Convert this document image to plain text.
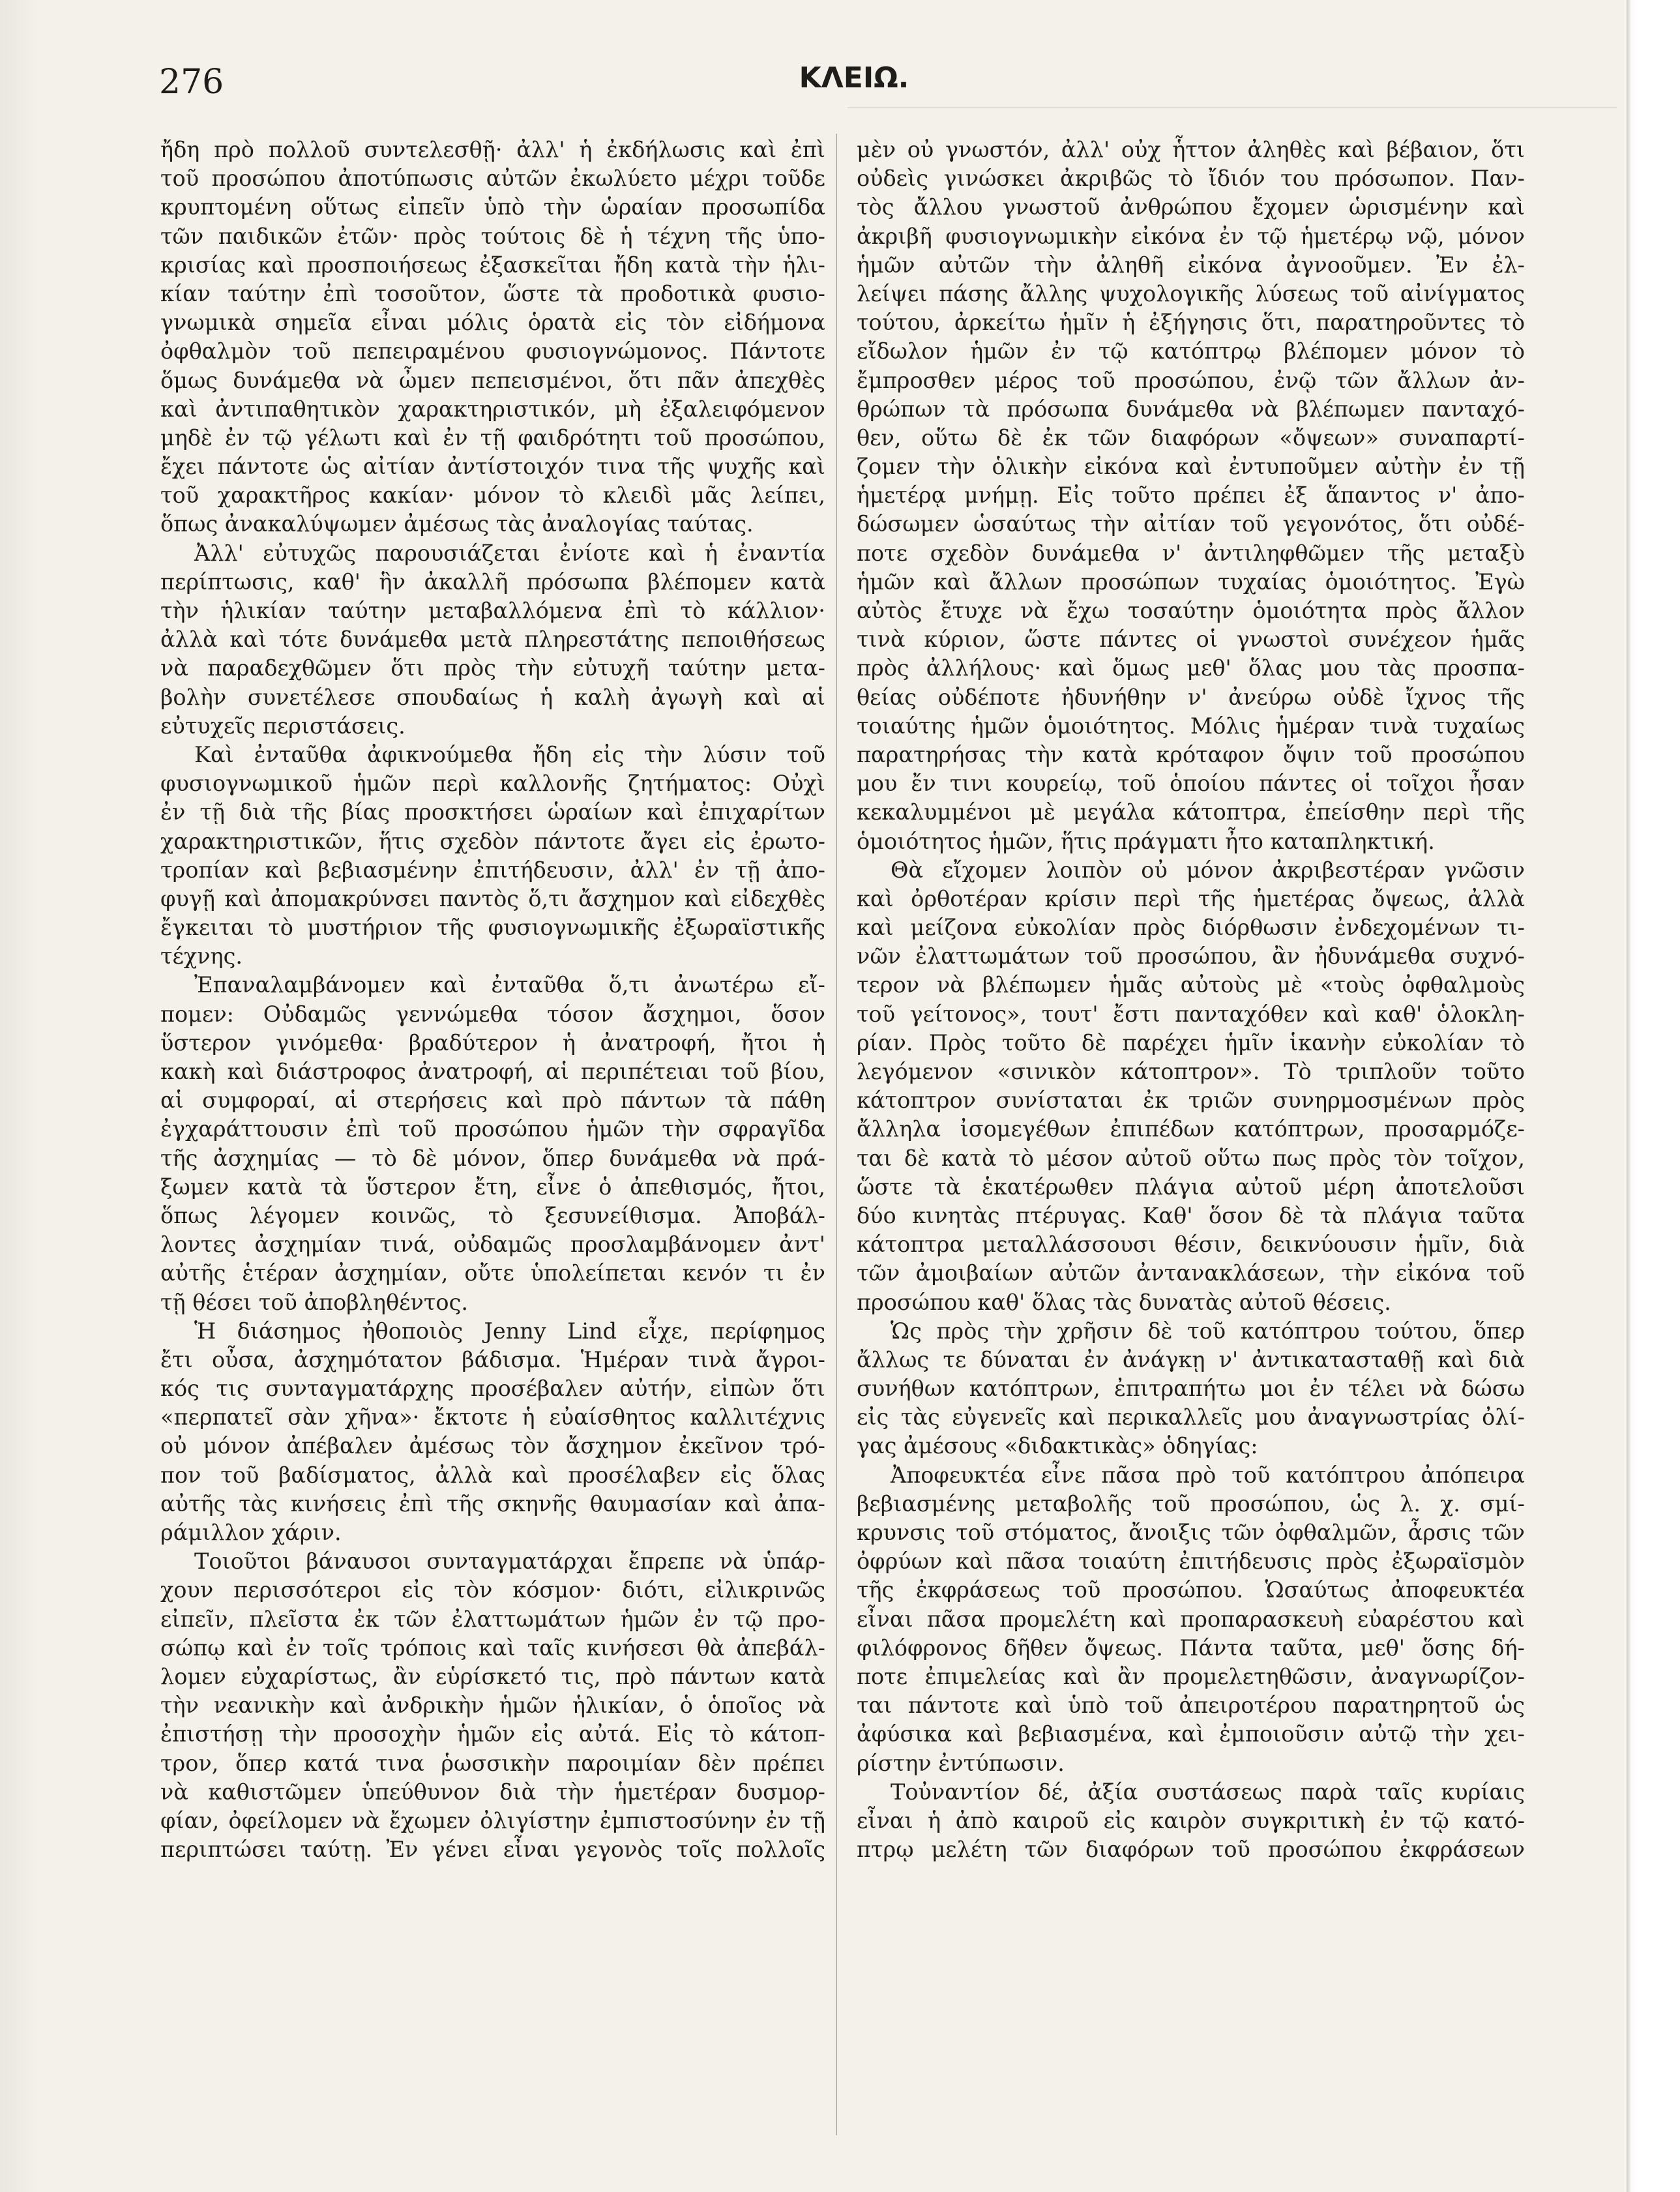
276	ΚΛΕΙΩ.
ἤδη πρὸ πολλοῦ συντελεσθῇ· ἀλλ' ἡ ἐκδήλωσις καὶ ἐπὶ
τοῦ προσώπου ἀποτύπωσις αὐτῶν ἐκωλύετο μέχρι τοῦδε
κρυπτομένη οὕτως εἰπεῖν ὑπὸ τὴν ὡραίαν προσωπίδα
τῶν παιδικῶν ἐτῶν· πρὸς τούτοις δὲ ἡ τέχνη τῆς ὑπο-
κρισίας καὶ προσποιήσεως ἐξασκεῖται ἤδη κατὰ τὴν ἡλι-
κίαν ταύτην ἐπὶ τοσοῦτον, ὥστε τὰ προδοτικὰ φυσιο-
γνωμικὰ σημεῖα εἶναι μόλις ὁρατὰ εἰς τὸν εἰδήμονα
ὀφθαλμὸν τοῦ πεπειραμένου φυσιογνώμονος. Πάντοτε
ὅμως δυνάμεθα νὰ ὦμεν πεπεισμένοι, ὅτι πᾶν ἀπεχθὲς
καὶ ἀντιπαθητικὸν χαρακτηριστικόν, μὴ ἐξαλειφόμενον
μηδὲ ἐν τῷ γέλωτι καὶ ἐν τῇ φαιδρότητι τοῦ προσώπου,
ἔχει πάντοτε ὡς αἰτίαν ἀντίστοιχόν τινα τῆς ψυχῆς καὶ
τοῦ χαρακτῆρος κακίαν· μόνον τὸ κλειδὶ μᾶς λείπει,
ὅπως ἀνακαλύψωμεν ἀμέσως τὰς ἀναλογίας ταύτας.
Ἀλλ' εὐτυχῶς παρουσιάζεται ἐνίοτε καὶ ἡ ἐναντία
περίπτωσις, καθ' ἣν ἀκαλλῆ πρόσωπα βλέπομεν κατὰ
τὴν ἡλικίαν ταύτην μεταβαλλόμενα ἐπὶ τὸ κάλλιον·
ἀλλὰ καὶ τότε δυνάμεθα μετὰ πληρεστάτης πεποιθήσεως
νὰ παραδεχθῶμεν ὅτι πρὸς τὴν εὐτυχῆ ταύτην μετα-
βολὴν συνετέλεσε σπουδαίως ἡ καλὴ ἀγωγὴ καὶ αἱ
εὐτυχεῖς περιστάσεις.
Καὶ ἐνταῦθα ἀφικνούμεθα ἤδη εἰς τὴν λύσιν τοῦ
φυσιογνωμικοῦ ἡμῶν περὶ καλλονῆς ζητήματος: Οὐχὶ
ἐν τῇ διὰ τῆς βίας προσκτήσει ὡραίων καὶ ἐπιχαρίτων
χαρακτηριστικῶν, ἥτις σχεδὸν πάντοτε ἄγει εἰς ἐρωτο-
τροπίαν καὶ βεβιασμένην ἐπιτήδευσιν, ἀλλ' ἐν τῇ ἀπο-
φυγῇ καὶ ἀπομακρύνσει παντὸς ὅ,τι ἄσχημον καὶ εἰδεχθὲς
ἔγκειται τὸ μυστήριον τῆς φυσιογνωμικῆς ἐξωραϊστικῆς
τέχνης.
Ἐπαναλαμβάνομεν καὶ ἐνταῦθα ὅ,τι ἀνωτέρω εἴ-
πομεν: Οὐδαμῶς γεννώμεθα τόσον ἄσχημοι, ὅσον
ὕστερον γινόμεθα· βραδύτερον ἡ ἀνατροφή, ἤτοι ἡ
κακὴ καὶ διάστροφος ἀνατροφή, αἱ περιπέτειαι τοῦ βίου,
αἱ συμφοραί, αἱ στερήσεις καὶ πρὸ πάντων τὰ πάθη
ἐγχαράττουσιν ἐπὶ τοῦ προσώπου ἡμῶν τὴν σφραγῖδα
τῆς ἀσχημίας — τὸ δὲ μόνον, ὅπερ δυνάμεθα νὰ πρά-
ξωμεν κατὰ τὰ ὕστερον ἔτη, εἶνε ὁ ἀπεθισμός, ἤτοι,
ὅπως λέγομεν κοινῶς, τὸ ξεσυνείθισμα. Ἀποβάλ-
λοντες ἀσχημίαν τινά, οὐδαμῶς προσλαμβάνομεν ἀντ'
αὐτῆς ἑτέραν ἀσχημίαν, οὔτε ὑπολείπεται κενόν τι ἐν
τῇ θέσει τοῦ ἀποβληθέντος.
Ἡ διάσημος ἠθοποιὸς Jenny Lind εἶχε, περίφημος
ἔτι οὖσα, ἀσχημότατον βάδισμα. Ἡμέραν τινὰ ἄγροι-
κός τις συνταγματάρχης προσέβαλεν αὐτήν, εἰπὼν ὅτι
«περπατεῖ σὰν χῆνα»· ἔκτοτε ἡ εὐαίσθητος καλλιτέχνις
οὐ μόνον ἀπέβαλεν ἀμέσως τὸν ἄσχημον ἐκεῖνον τρό-
πον τοῦ βαδίσματος, ἀλλὰ καὶ προσέλαβεν εἰς ὅλας
αὐτῆς τὰς κινήσεις ἐπὶ τῆς σκηνῆς θαυμασίαν καὶ ἀπα-
ράμιλλον χάριν.
Τοιοῦτοι βάναυσοι συνταγματάρχαι ἔπρεπε νὰ ὑπάρ-
χουν περισσότεροι εἰς τὸν κόσμον· διότι, εἰλικρινῶς
εἰπεῖν, πλεῖστα ἐκ τῶν ἐλαττωμάτων ἡμῶν ἐν τῷ προ-
σώπῳ καὶ ἐν τοῖς τρόποις καὶ ταῖς κινήσεσι θὰ ἀπεβάλ-
λομεν εὐχαρίστως, ἂν εὑρίσκετό τις, πρὸ πάντων κατὰ
τὴν νεανικὴν καὶ ἀνδρικὴν ἡμῶν ἡλικίαν, ὁ ὁποῖος νὰ
ἐπιστήσῃ τὴν προσοχὴν ἡμῶν εἰς αὐτά. Εἰς τὸ κάτοπ-
τρον, ὅπερ κατά τινα ῥωσσικὴν παροιμίαν δὲν πρέπει
νὰ καθιστῶμεν ὑπεύθυνον διὰ τὴν ἡμετέραν δυσμορ-
φίαν, ὀφείλομεν νὰ ἔχωμεν ὀλιγίστην ἐμπιστοσύνην ἐν τῇ
περιπτώσει ταύτῃ. Ἐν γένει εἶναι γεγονὸς τοῖς πολλοῖς
μὲν οὐ γνωστόν, ἀλλ' οὐχ ἧττον ἀληθὲς καὶ βέβαιον, ὅτι
οὐδεὶς γινώσκει ἀκριβῶς τὸ ἴδιόν του πρόσωπον. Παν-
τὸς ἄλλου γνωστοῦ ἀνθρώπου ἔχομεν ὡρισμένην καὶ
ἀκριβῆ φυσιογνωμικὴν εἰκόνα ἐν τῷ ἡμετέρῳ νῷ, μόνον
ἡμῶν αὐτῶν τὴν ἀληθῆ εἰκόνα ἀγνοοῦμεν. Ἐν ἐλ-
λείψει πάσης ἄλλης ψυχολογικῆς λύσεως τοῦ αἰνίγματος
τούτου, ἀρκείτω ἡμῖν ἡ ἐξήγησις ὅτι, παρατηροῦντες τὸ
εἴδωλον ἡμῶν ἐν τῷ κατόπτρῳ βλέπομεν μόνον τὸ
ἔμπροσθεν μέρος τοῦ προσώπου, ἐνῷ τῶν ἄλλων ἀν-
θρώπων τὰ πρόσωπα δυνάμεθα νὰ βλέπωμεν πανταχό-
θεν, οὕτω δὲ ἐκ τῶν διαφόρων «ὄψεων» συναπαρτί-
ζομεν τὴν ὁλικὴν εἰκόνα καὶ ἐντυποῦμεν αὐτὴν ἐν τῇ
ἡμετέρᾳ μνήμῃ. Εἰς τοῦτο πρέπει ἐξ ἅπαντος ν' ἀπο-
δώσωμεν ὡσαύτως τὴν αἰτίαν τοῦ γεγονότος, ὅτι οὐδέ-
ποτε σχεδὸν δυνάμεθα ν' ἀντιληφθῶμεν τῆς μεταξὺ
ἡμῶν καὶ ἄλλων προσώπων τυχαίας ὁμοιότητος. Ἐγὼ
αὐτὸς ἔτυχε νὰ ἔχω τοσαύτην ὁμοιότητα πρὸς ἄλλον
τινὰ κύριον, ὥστε πάντες οἱ γνωστοὶ συνέχεον ἡμᾶς
πρὸς ἀλλήλους· καὶ ὅμως μεθ' ὅλας μου τὰς προσπα-
θείας οὐδέποτε ἠδυνήθην ν' ἀνεύρω οὐδὲ ἴχνος τῆς
τοιαύτης ἡμῶν ὁμοιότητος. Μόλις ἡμέραν τινὰ τυχαίως
παρατηρήσας τὴν κατὰ κρόταφον ὄψιν τοῦ προσώπου
μου ἔν τινι κουρείῳ, τοῦ ὁποίου πάντες οἱ τοῖχοι ἦσαν
κεκαλυμμένοι μὲ μεγάλα κάτοπτρα, ἐπείσθην περὶ τῆς
ὁμοιότητος ἡμῶν, ἥτις πράγματι ἦτο καταπληκτική.
Θὰ εἴχομεν λοιπὸν οὐ μόνον ἀκριβεστέραν γνῶσιν
καὶ ὀρθοτέραν κρίσιν περὶ τῆς ἡμετέρας ὄψεως, ἀλλὰ
καὶ μείζονα εὐκολίαν πρὸς διόρθωσιν ἐνδεχομένων τι-
νῶν ἐλαττωμάτων τοῦ προσώπου, ἂν ἠδυνάμεθα συχνό-
τερον νὰ βλέπωμεν ἡμᾶς αὐτοὺς μὲ «τοὺς ὀφθαλμοὺς
τοῦ γείτονος», τουτ' ἔστι πανταχόθεν καὶ καθ' ὁλοκλη-
ρίαν. Πρὸς τοῦτο δὲ παρέχει ἡμῖν ἱκανὴν εὐκολίαν τὸ
λεγόμενον «σινικὸν κάτοπτρον». Τὸ τριπλοῦν τοῦτο
κάτοπτρον συνίσταται ἐκ τριῶν συνηρμοσμένων πρὸς
ἄλληλα ἰσομεγέθων ἐπιπέδων κατόπτρων, προσαρμόζε-
ται δὲ κατὰ τὸ μέσον αὐτοῦ οὕτω πως πρὸς τὸν τοῖχον,
ὥστε τὰ ἑκατέρωθεν πλάγια αὐτοῦ μέρη ἀποτελοῦσι
δύο κινητὰς πτέρυγας. Καθ' ὅσον δὲ τὰ πλάγια ταῦτα
κάτοπτρα μεταλλάσσουσι θέσιν, δεικνύουσιν ἡμῖν, διὰ
τῶν ἀμοιβαίων αὐτῶν ἀντανακλάσεων, τὴν εἰκόνα τοῦ
προσώπου καθ' ὅλας τὰς δυνατὰς αὐτοῦ θέσεις.
Ὡς πρὸς τὴν χρῆσιν δὲ τοῦ κατόπτρου τούτου, ὅπερ
ἄλλως τε δύναται ἐν ἀνάγκῃ ν' ἀντικατασταθῇ καὶ διὰ
συνήθων κατόπτρων, ἐπιτραπήτω μοι ἐν τέλει νὰ δώσω
εἰς τὰς εὐγενεῖς καὶ περικαλλεῖς μου ἀναγνωστρίας ὀλί-
γας ἀμέσους «διδακτικὰς» ὁδηγίας:
Ἀποφευκτέα εἶνε πᾶσα πρὸ τοῦ κατόπτρου ἀπόπειρα
βεβιασμένης μεταβολῆς τοῦ προσώπου, ὡς λ. χ. σμί-
κρυνσις τοῦ στόματος, ἄνοιξις τῶν ὀφθαλμῶν, ἆρσις τῶν
ὀφρύων καὶ πᾶσα τοιαύτη ἐπιτήδευσις πρὸς ἐξωραϊσμὸν
τῆς ἐκφράσεως τοῦ προσώπου. Ὡσαύτως ἀποφευκτέα
εἶναι πᾶσα προμελέτη καὶ προπαρασκευὴ εὐαρέστου καὶ
φιλόφρονος δῆθεν ὄψεως. Πάντα ταῦτα, μεθ' ὅσης δή-
ποτε ἐπιμελείας καὶ ἂν προμελετηθῶσιν, ἀναγνωρίζον-
ται πάντοτε καὶ ὑπὸ τοῦ ἀπειροτέρου παρατηρητοῦ ὡς
ἀφύσικα καὶ βεβιασμένα, καὶ ἐμποιοῦσιν αὐτῷ τὴν χει-
ρίστην ἐντύπωσιν.
Τοὐναντίον δέ, ἀξία συστάσεως παρὰ ταῖς κυρίαις
εἶναι ἡ ἀπὸ καιροῦ εἰς καιρὸν συγκριτικὴ ἐν τῷ κατό-
πτρῳ μελέτη τῶν διαφόρων τοῦ προσώπου ἐκφράσεων
